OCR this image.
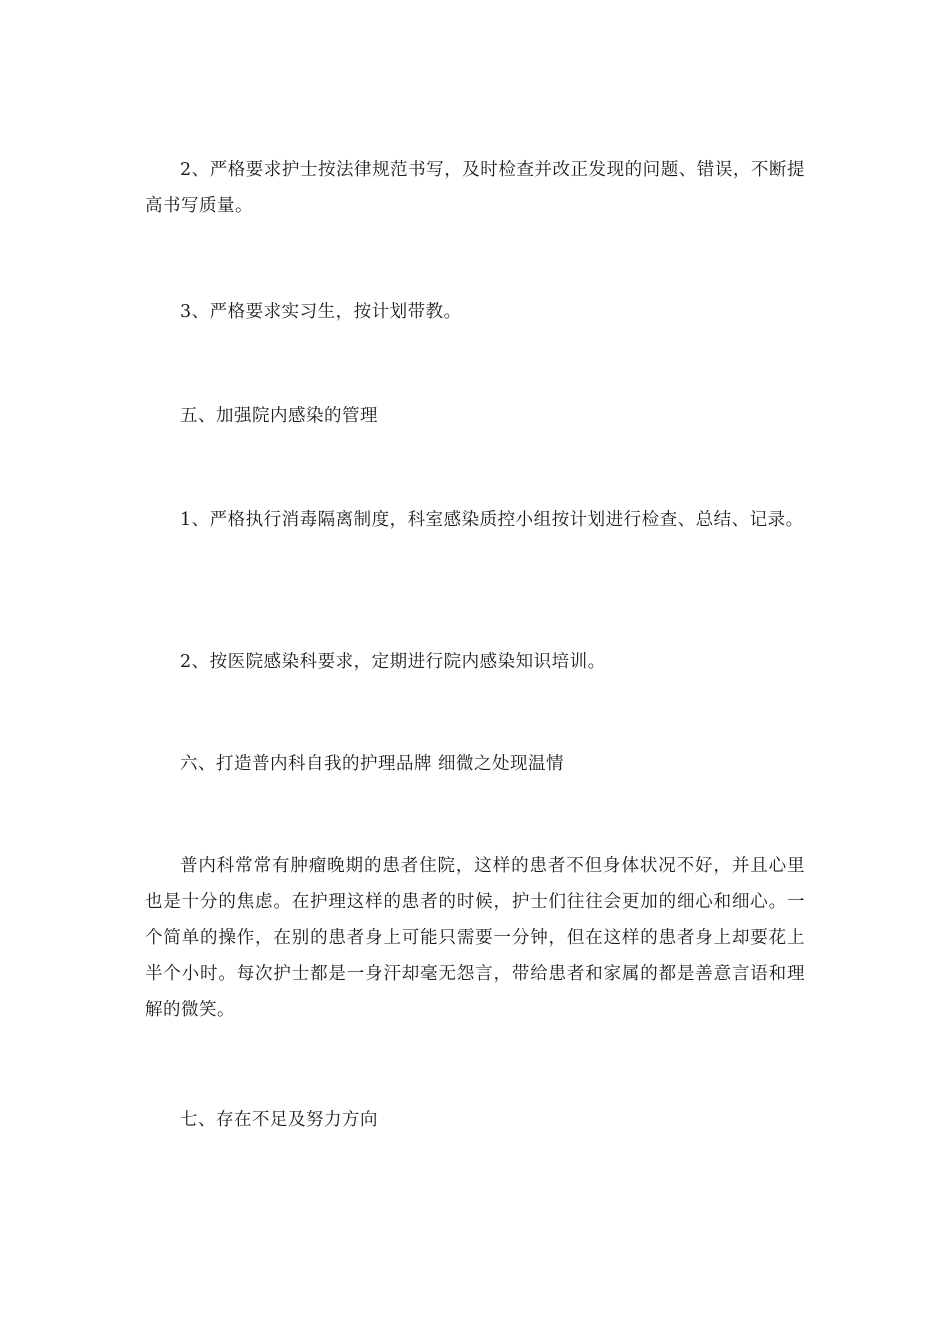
2、严格要求护士按法律规范书写，及时检查并改正发现的问题、错误，不断提高书写质量。

3、严格要求实习生，按计划带教。

五、加强院内感染的管理

1、严格执行消毒隔离制度，科室感染质控小组按计划进行检查、总结、记录。

2、按医院感染科要求，定期进行院内感染知识培训。

六、打造普内科自我的护理品牌 细微之处现温情

普内科常常有肿瘤晚期的患者住院，这样的患者不但身体状况不好，并且心里也是十分的焦虑。在护理这样的患者的时候，护士们往往会更加的细心和细心。一个简单的操作，在别的患者身上可能只需要一分钟，但在这样的患者身上却要花上半个小时。每次护士都是一身汗却毫无怨言，带给患者和家属的都是善意言语和理解的微笑。

七、存在不足及努力方向
